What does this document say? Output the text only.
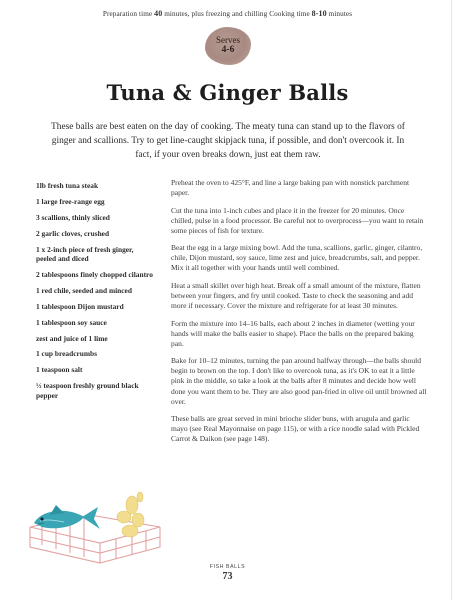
Preparation time 40 minutes, plus freezing and chilling Cooking time 8-10 minutes
Serves
4-6
Tuna & Ginger Balls
These balls are best eaten on the day of cooking. The meaty tuna can stand up to the flavors of ginger and scallions. Try to get line-caught skipjack tuna, if possible, and don't overcook it. In fact, if your oven breaks down, just eat them raw.
1lb fresh tuna steak
1 large free-range egg
3 scallions, thinly sliced
2 garlic cloves, crushed
1 x 2-inch piece of fresh ginger, peeled and diced
2 tablespoons finely chopped cilantro
1 red chile, seeded and minced
1 tablespoon Dijon mustard
1 tablespoon soy sauce
zest and juice of 1 lime
1 cup breadcrumbs
1 teaspoon salt
½ teaspoon freshly ground black pepper

Preheat the oven to 425°F, and line a large baking pan with nonstick parchment paper.

Cut the tuna into 1-inch cubes and place it in the freezer for 20 minutes. Once chilled, pulse in a food processor. Be careful not to overprocess—you want to retain some pieces of fish for texture.

Beat the egg in a large mixing bowl. Add the tuna, scallions, garlic, ginger, cilantro, chile, Dijon mustard, soy sauce, lime zest and juice, breadcrumbs, salt, and pepper. Mix it all together with your hands until well combined.

Heat a small skillet over high heat. Break off a small amount of the mixture, flatten between your fingers, and fry until cooked. Taste to check the seasoning and add more if necessary. Cover the mixture and refrigerate for at least 30 minutes.

Form the mixture into 14–16 balls, each about 2 inches in diameter (wetting your hands will make the balls easier to shape). Place the balls on the prepared baking pan.

Bake for 10–12 minutes, turning the pan around halfway through—the balls should begin to brown on the top. I don't like to overcook tuna, as it's OK to eat it a little pink in the middle, so take a look at the balls after 8 minutes and decide how well done you want them to be. They are also good pan-fried in olive oil until browned all over.

These balls are great served in mini brioche slider buns, with arugula and garlic mayo (see Real Mayonnaise on page 115), or with a rice noodle salad with Pickled Carrot & Daikon (see page 148).

FISH BALLS
73
